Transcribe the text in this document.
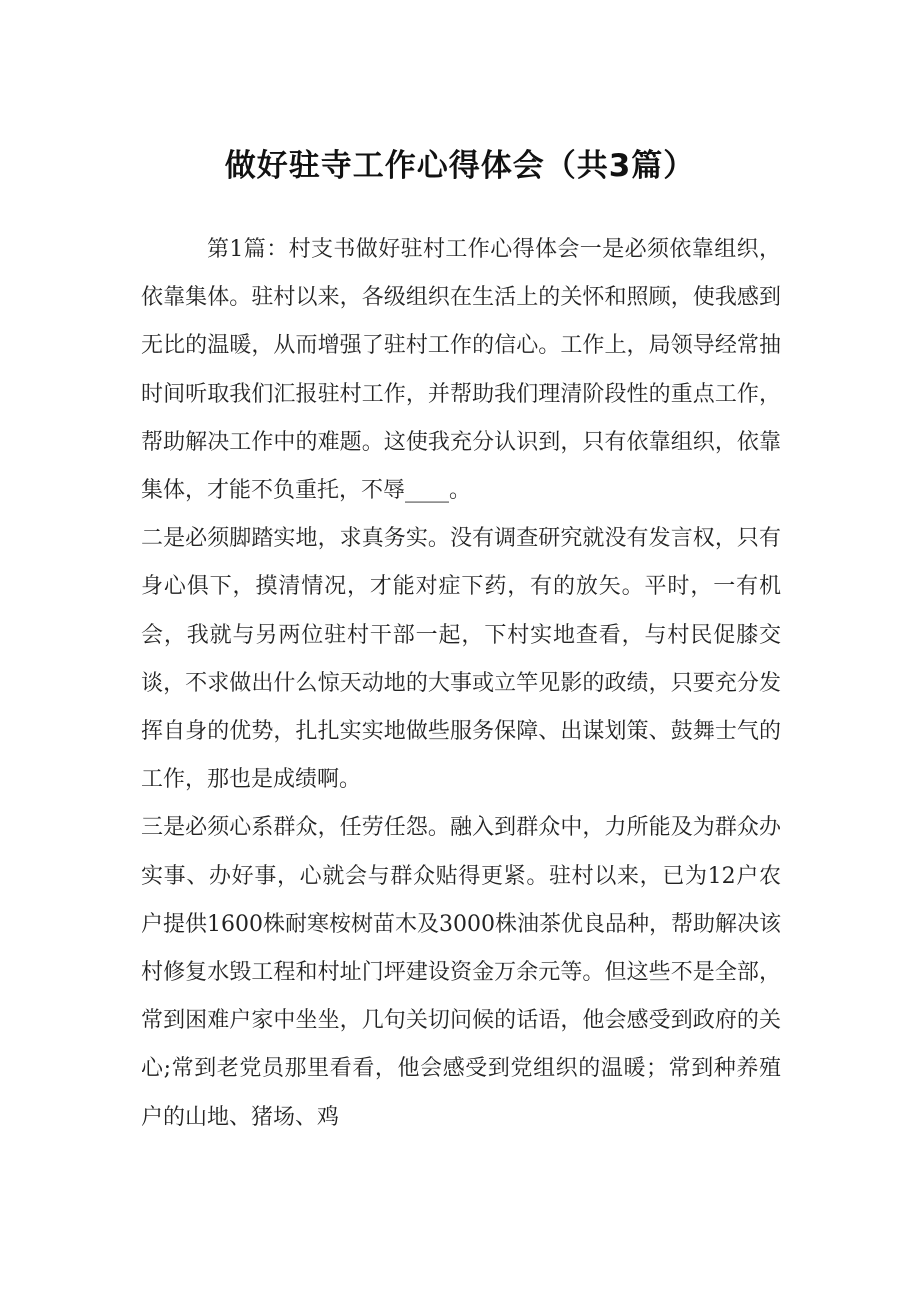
做好驻寺工作心得体会（共3篇）

第1篇：村支书做好驻村工作心得体会一是必须依靠组织，依靠集体。驻村以来，各级组织在生活上的关怀和照顾，使我感到无比的温暖，从而增强了驻村工作的信心。工作上，局领导经常抽时间听取我们汇报驻村工作，并帮助我们理清阶段性的重点工作，帮助解决工作中的难题。这使我充分认识到，只有依靠组织，依靠集体，才能不负重托，不辱____。

二是必须脚踏实地，求真务实。没有调查研究就没有发言权，只有身心俱下，摸清情况，才能对症下药，有的放矢。平时，一有机会，我就与另两位驻村干部一起，下村实地查看，与村民促膝交谈，不求做出什么惊天动地的大事或立竿见影的政绩，只要充分发挥自身的优势，扎扎实实地做些服务保障、出谋划策、鼓舞士气的工作，那也是成绩啊。

三是必须心系群众，任劳任怨。融入到群众中，力所能及为群众办实事、办好事，心就会与群众贴得更紧。驻村以来，已为12户农户提供1600株耐寒桉树苗木及3000株油茶优良品种，帮助解决该村修复水毁工程和村址门坪建设资金万余元等。但这些不是全部，常到困难户家中坐坐，几句关切问候的话语，他会感受到政府的关心;常到老党员那里看看，他会感受到党组织的温暖；常到种养殖户的山地、猪场、鸡
